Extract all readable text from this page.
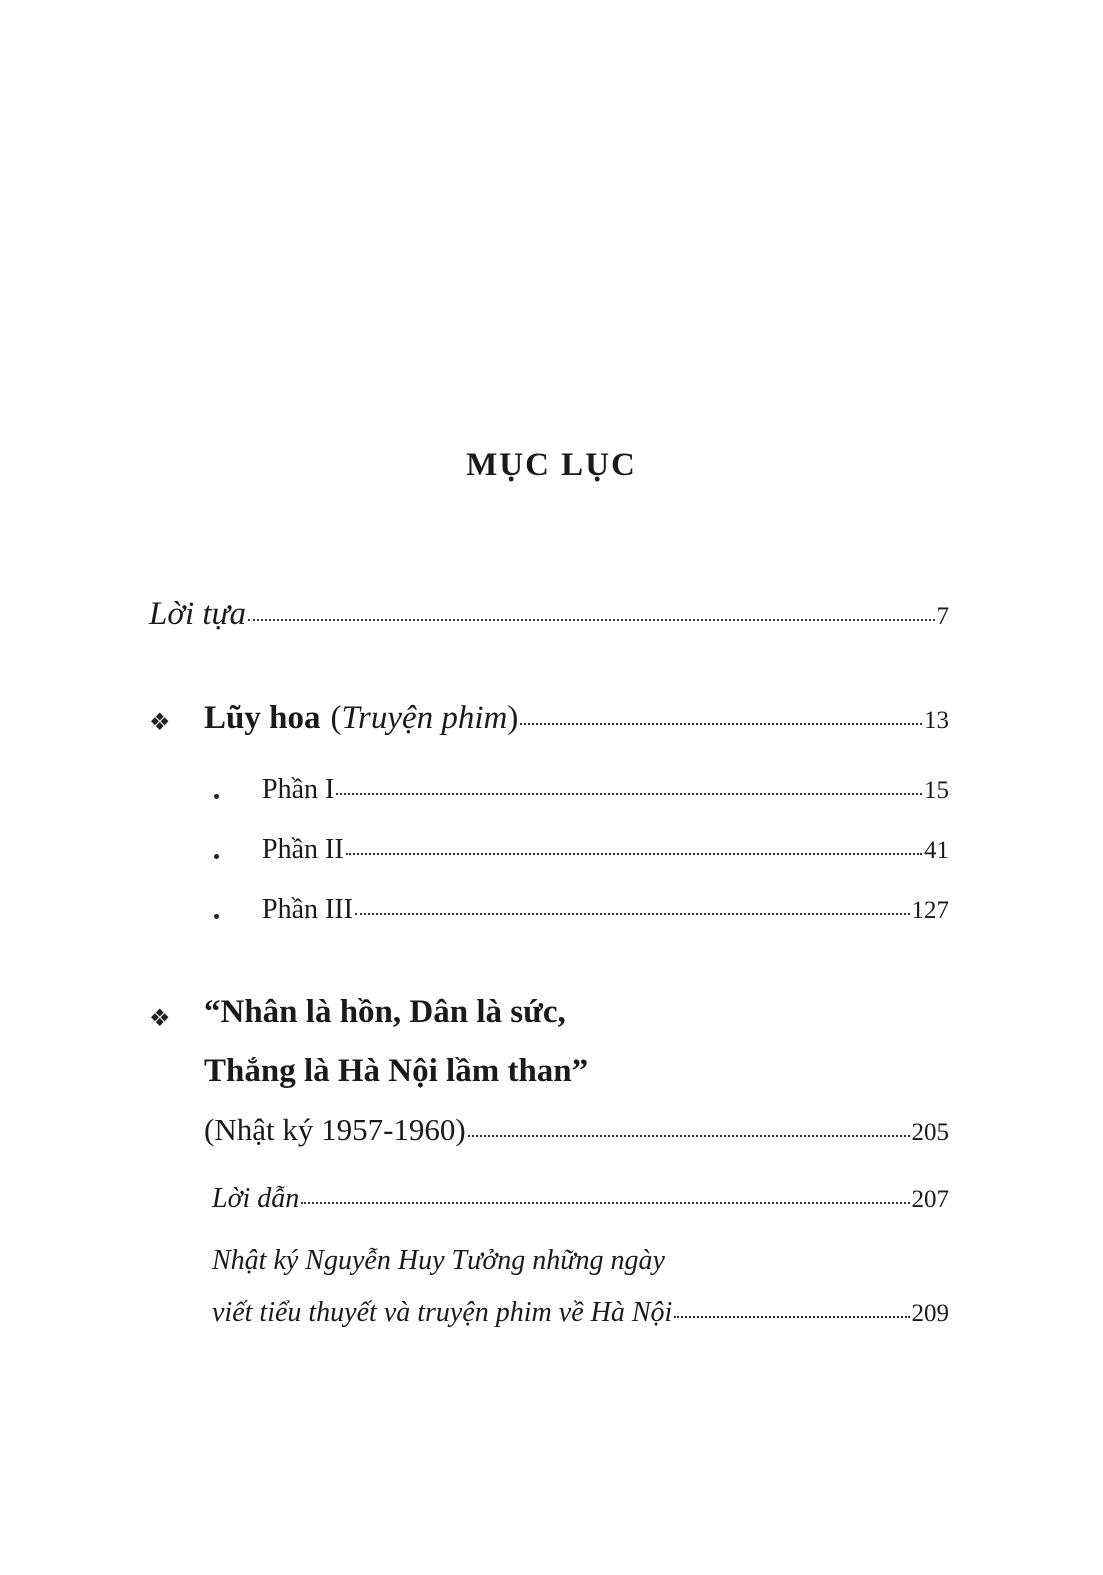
MỤC LỤC
Lời tựa	7
❖ Lũy hoa ( Truyện phim )	13
Phần I	15
Phần II	41
Phần III	127
❖ “Nhân là hồn, Dân là sức,
Thắng là Hà Nội lầm than”
(Nhật ký 1957-1960)	205
Lời dẫn	207
Nhật ký Nguyễn Huy Tưởng những ngày
viết tiểu thuyết và truyện phim về Hà Nội	209
